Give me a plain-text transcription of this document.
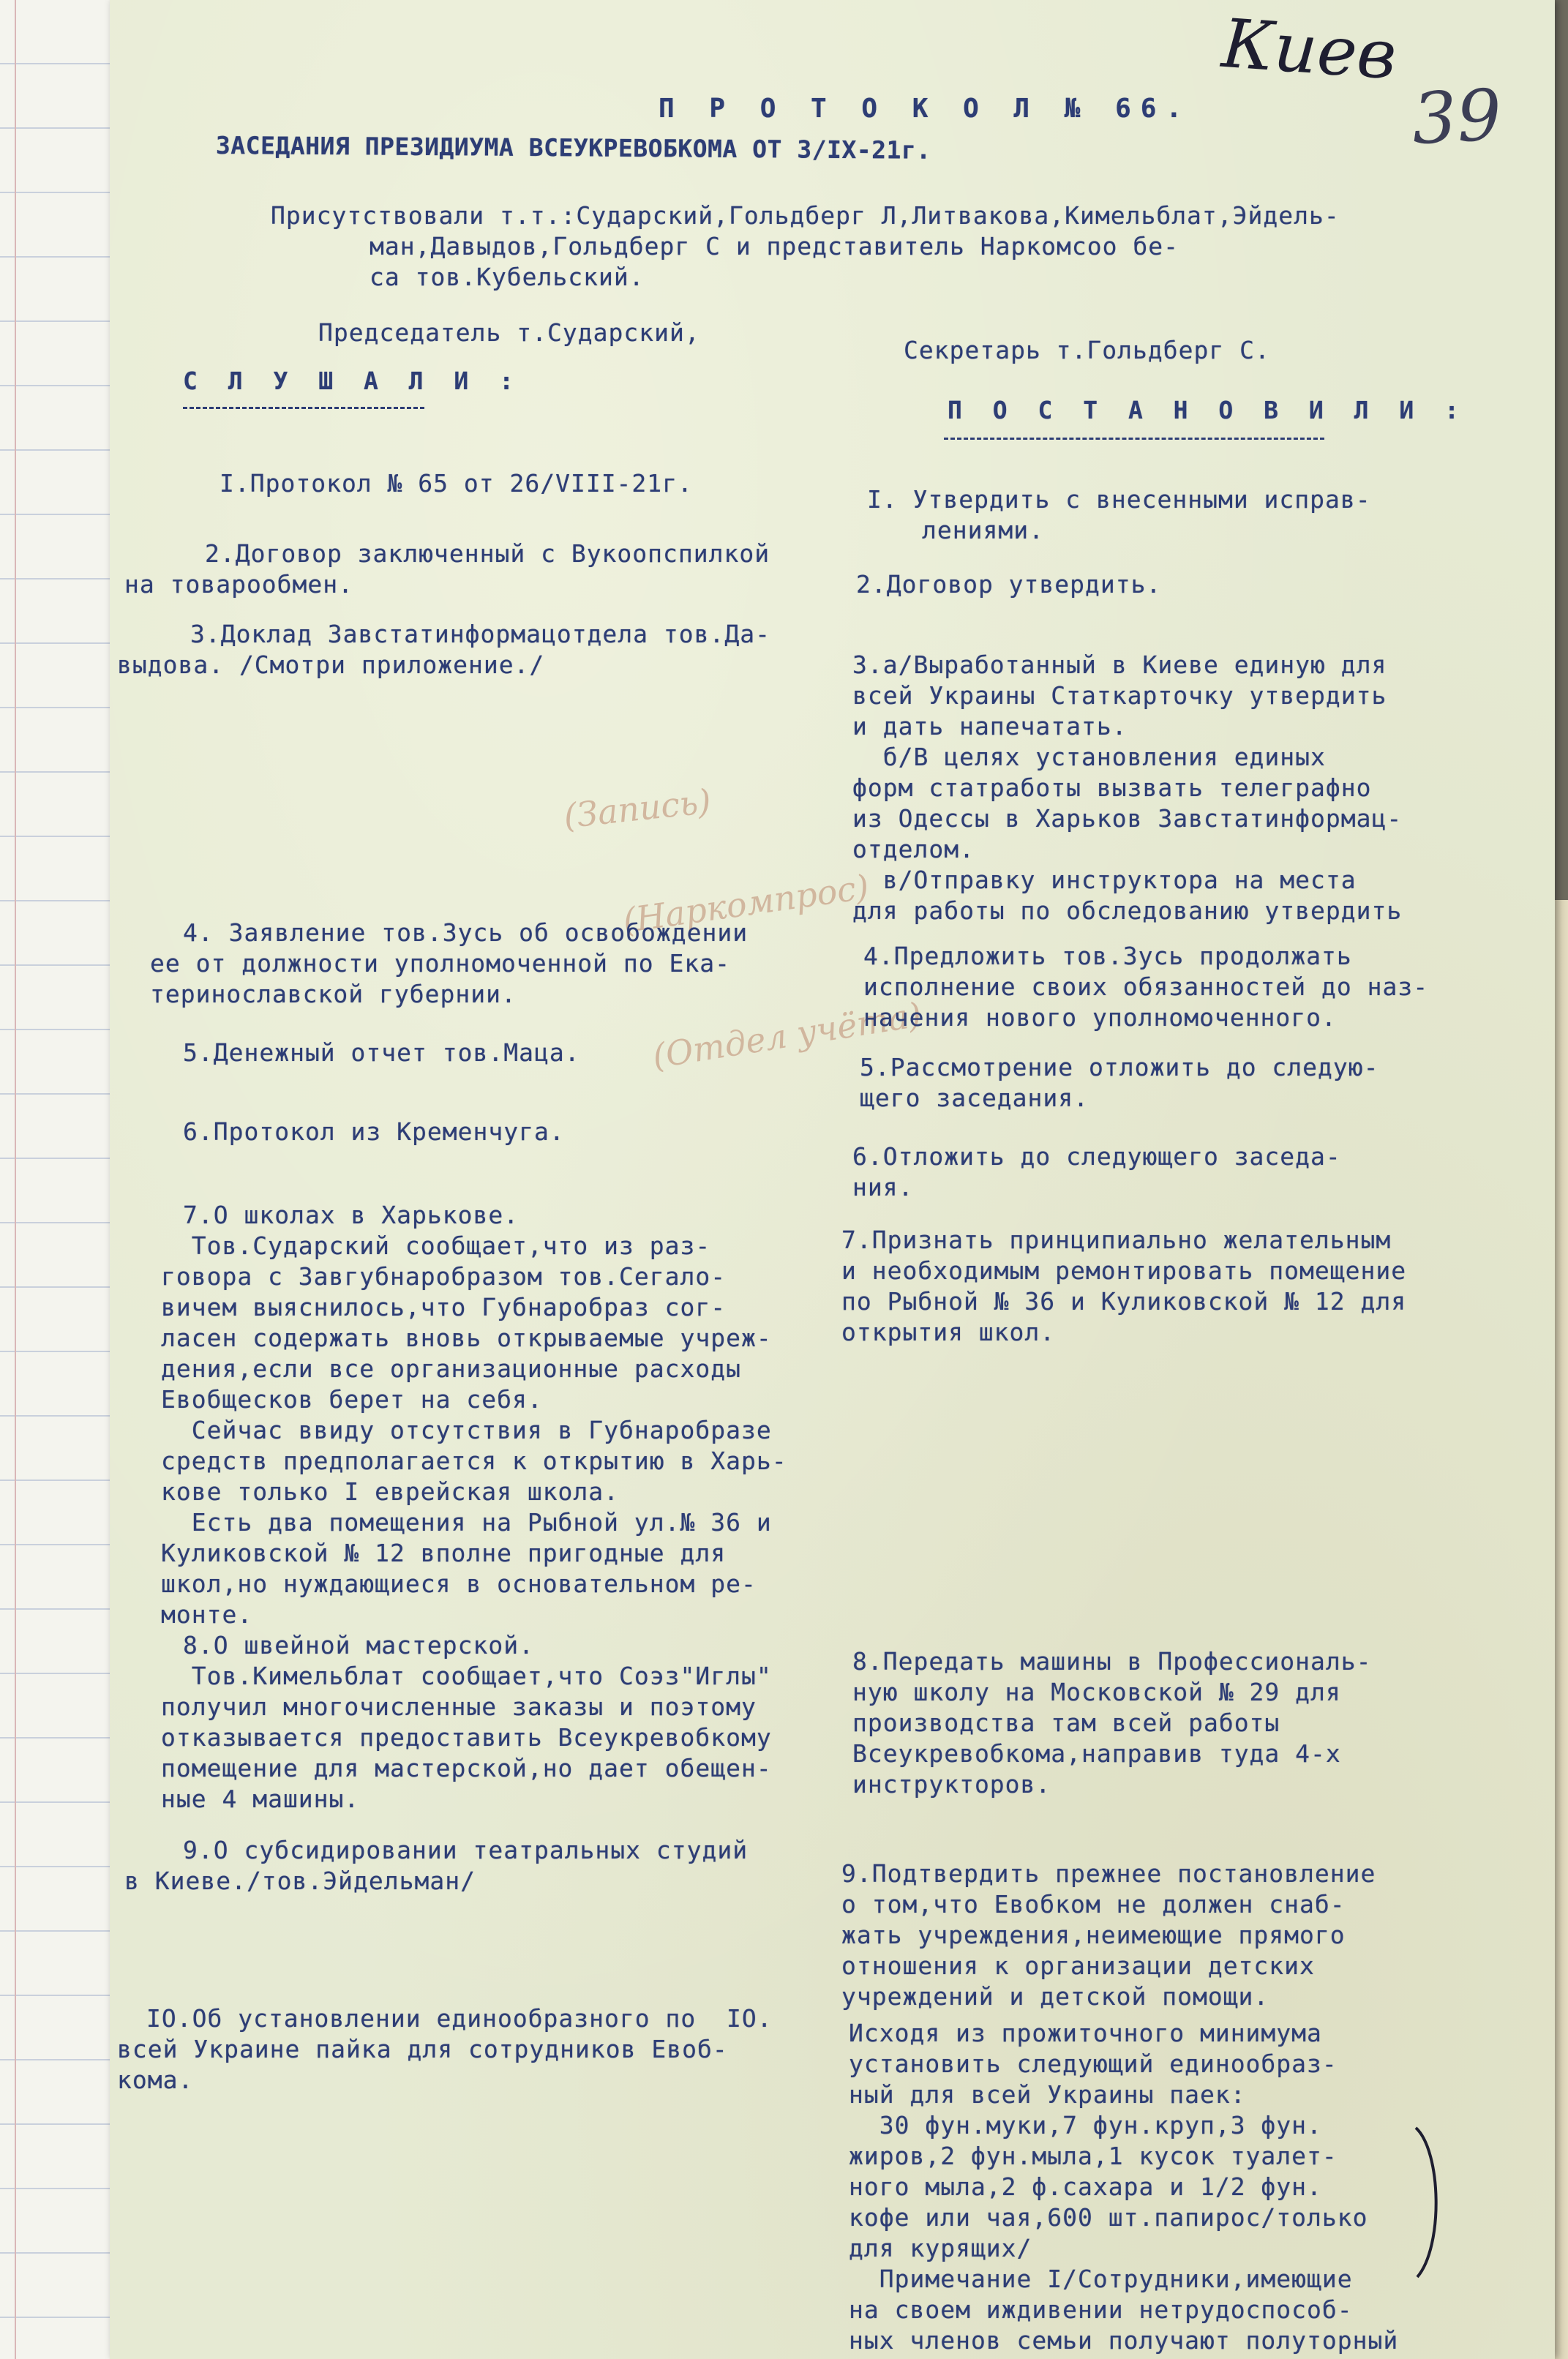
Киев
39
П Р О Т О К О Л № 66.
ЗАСЕДАНИЯ ПРЕЗИДИУМА ВСЕУКРЕВОБКОМА ОТ 3/IX-21г.
Присутствовали т.т.:Сударский,Гольдберг Л,Литвакова,Кимельблат,Эйдель-
ман,Давыдов,Гольдберг С и представитель Наркомсоо бе-
са тов.Кубельский.
Председатель т.Сударский,
Секретарь т.Гольдберг С.
С Л У Ш А Л И :
П О С Т А Н О В И Л И :
I.Протокол № 65 от 26/VIII-21г.
I. Утвердить с внесенными исправ-
лениями.
2.Договор заключенный с Вукоопспилкой
на товарообмен.	2.Договор утвердить.
3.Доклад Завстатинформацотдела тов.Да-
выдова. /Смотри приложение./	3.а/Выработанный в Киеве единую для
всей Украины Статкарточку утвердить
и дать напечатать.
б/В целях установления единых
форм статработы вызвать телеграфно
из Одессы в Харьков Завстатинформац-
отделом.
в/Отправку инструктора на места
для работы по обследованию утвердить
(Запись)
(Наркомпрос)
(Отдел учёта)
4. Заявление тов.Зусь об освобождении
ее от должности уполномоченной по Ека-
теринославской губернии.
4.Предложить тов.Зусь продолжать
исполнение своих обязанностей до наз-
начения нового уполномоченного.
5.Денежный отчет тов.Маца.
5.Рассмотрение отложить до следую-
щего заседания.
6.Протокол из Кременчуга.
6.Отложить до следующего заседа-
ния.
7.О школах в Харькове.
Тов.Сударский сообщает,что из раз-
говора с Завгубнаробразом тов.Сегало-
вичем выяснилось,что Губнаробраз сог-
ласен содержать вновь открываемые учреж-
дения,если все организационные расходы
Евобщесков берет на себя.
Сейчас ввиду отсутствия в Губнаробразе
средств предполагается к открытию в Харь-
кове только I еврейская школа.
Есть два помещения на Рыбной ул.№ 36 и
Куликовской № 12 вполне пригодные для
школ,но нуждающиеся в основательном ре-
монте.
7.Признать принципиально желательным
и необходимым ремонтировать помещение
по Рыбной № 36 и Куликовской № 12 для
открытия школ.
8.О швейной мастерской.
Тов.Кимельблат сообщает,что Соэз"Иглы"
получил многочисленные заказы и поэтому
отказывается предоставить Всеукревобкому
помещение для мастерской,но дает обещен-
ные 4 машины.
8.Передать машины в Профессиональ-
ную школу на Московской № 29 для
производства там всей работы
Всеукревобкома,направив туда 4-х
инструкторов.
9.О субсидировании театральных студий
в Киеве./тов.Эйдельман/	9.Подтвердить прежнее постановление
о том,что Евобком не должен снаб-
жать учреждения,неимеющие прямого
отношения к организации детских
учреждений и детской помощи.
IO.Об установлении единообразного по  IO.
всей Украине пайка для сотрудников Евоб-
кома.
Исходя из прожиточного минимума
установить следующий единообраз-
ный для всей Украины паек:
30 фун.муки,7 фун.круп,3 фун.
жиров,2 фун.мыла,1 кусок туалет-
ного мыла,2 ф.сахара и 1/2 фун.
кофе или чая,600 шт.папирос/только
для курящих/
Примечание I/Сотрудники,имеющие
на своем иждивении нетрудоспособ-
ных членов семьи получают полуторный
